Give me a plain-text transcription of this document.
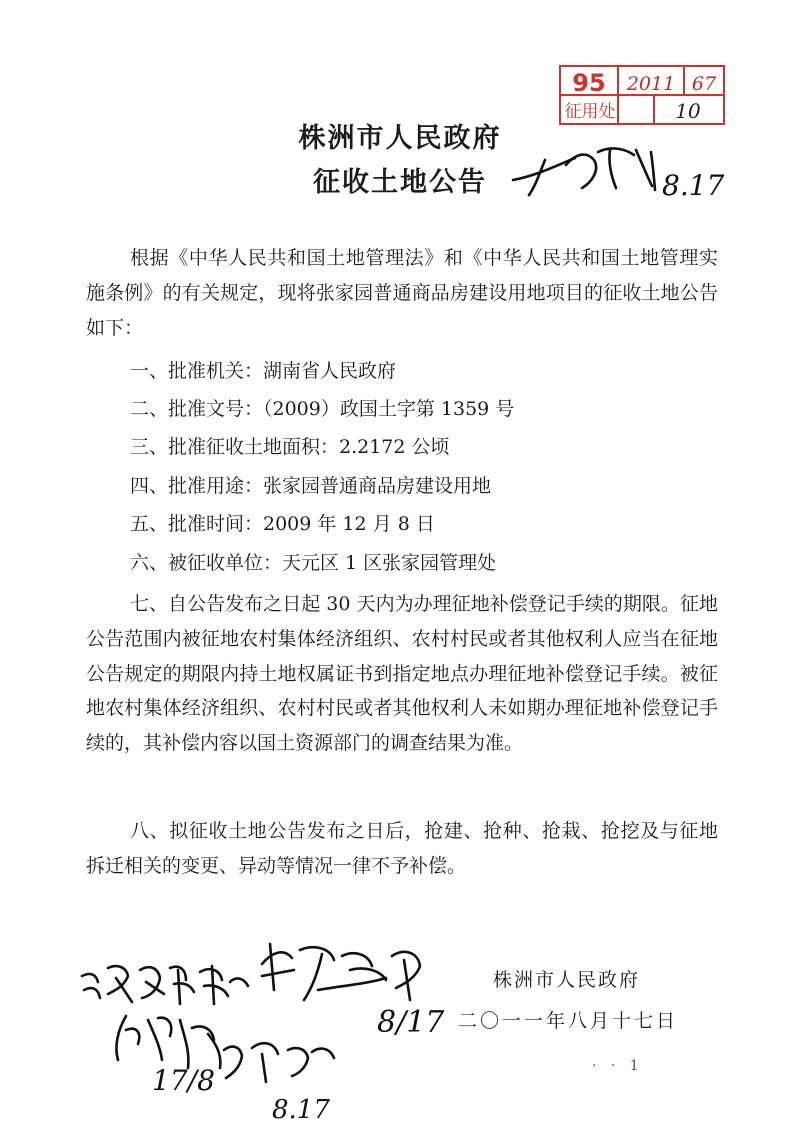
95 2011 67
征用处	10
株洲市人民政府
征收土地公告
根据《中华人民共和国土地管理法》和《中华人民共和国土地管理实施条例》的有关规定，现将张家园普通商品房建设用地项目的征收土地公告如下：
一、批准机关：湖南省人民政府
二、批准文号：（2009）政国土字第 1359 号
三、批准征收土地面积：2.2172 公顷
四、批准用途：张家园普通商品房建设用地
五、批准时间：2009 年 12 月 8 日
六、被征收单位：天元区 1 区张家园管理处
七、自公告发布之日起 30 天内为办理征地补偿登记手续的期限。征地公告范围内被征地农村集体经济组织、农村村民或者其他权利人应当在征地公告规定的期限内持土地权属证书到指定地点办理征地补偿登记手续。被征地农村集体经济组织、农村村民或者其他权利人未如期办理征地补偿登记手续的，其补偿内容以国土资源部门的调查结果为准。
八、拟征收土地公告发布之日后，抢建、抢种、抢栽、抢挖及与征地拆迁相关的变更、异动等情况一律不予补偿。
株洲市人民政府
二〇一一年八月十七日
· · 1
8.17
8/17
17/8
8.17
